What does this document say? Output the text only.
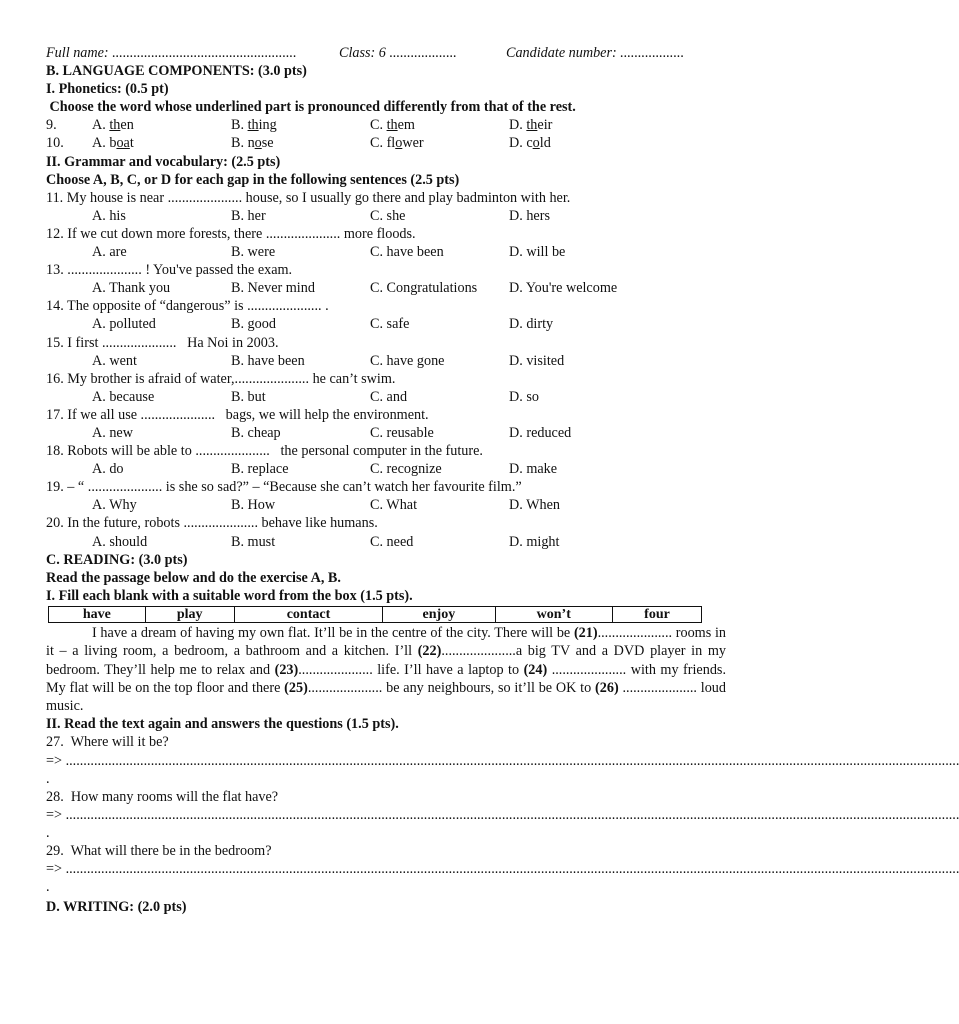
Full name: ....................................................	Class: 6 ...................	Candidate number: ..................
B. LANGUAGE COMPONENTS: (3.0 pts)
I. Phonetics: (0.5 pt)
Choose the word whose underlined part is pronounced differently from that of the rest.
9.	A. then	B. thing	C. them	D. their
10.	A. boat	B. nose	C. flower	D. cold
II. Grammar and vocabulary: (2.5 pts)
Choose A, B, C, or D for each gap in the following sentences (2.5 pts)
11. My house is near ..................... house, so I usually go there and play badminton with her.
A. his	B. her	C. she	D. hers
12. If we cut down more forests, there ..................... more floods.
A. are	B. were	C. have been	D. will be
13. ..................... ! You've passed the exam.
A. Thank you	B. Never mind	C. Congratulations	D. You're welcome
14. The opposite of “dangerous” is ..................... .
A. polluted	B. good	C. safe	D. dirty
15. I first .....................   Ha Noi in 2003.
A. went	B. have been	C. have gone	D. visited
16. My brother is afraid of water,..................... he can’t swim.
A. because	B. but	C. and	D. so
17. If we all use .....................   bags, we will help the environment.
A. new	B. cheap	C. reusable	D. reduced
18. Robots will be able to .....................   the personal computer in the future.
A. do	B. replace	C. recognize	D. make
19. – “ ..................... is she so sad?” – “Because she can’t watch her favourite film.”
A. Why	B. How	C. What	D. When
20. In the future, robots ..................... behave like humans.
A. should	B. must	C. need	D. might
C. READING: (3.0 pts)
Read the passage below and do the exercise A, B.
I. Fill each blank with a suitable word from the box (1.5 pts).
have	play	contact	enjoy	won’t	four
I have a dream of having my own flat. It’ll be in the centre of the city. There will be (21)..................... rooms in it – a living room, a bedroom, a bathroom and a kitchen. I’ll (22).....................a big TV and a DVD player in my bedroom. They’ll help me to relax and (23)..................... life. I’ll have a laptop to (24) ..................... with my friends. My flat will be on the top floor and there (25)..................... be any neighbours, so it’ll be OK to (26) ..................... loud music.
II. Read the text again and answers the questions (1.5 pts).
27.  Where will it be?
=> ............................................................................................................................................................................................................................................................
.
28.  How many rooms will the flat have?
=> ............................................................................................................................................................................................................................................................
.
29.  What will there be in the bedroom?
=> ............................................................................................................................................................................................................................................................
.
D. WRITING: (2.0 pts)
